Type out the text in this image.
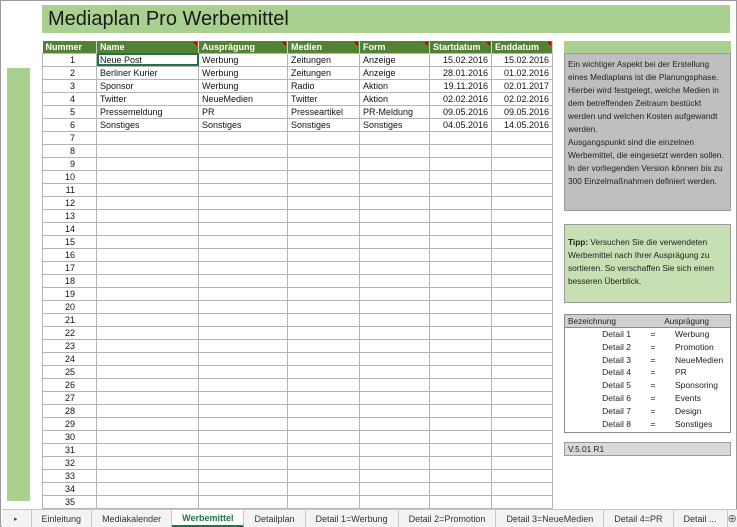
Mediaplan Pro Werbemittel
Nummer	Name	Ausprägung	Medien	Form	Startdatum	Enddatum
1	Neue Post	Werbung	Zeitungen	Anzeige	15.02.2016	15.02.2016
2	Berliner Kurier	Werbung	Zeitungen	Anzeige	28.01.2016	01.02.2016
3	Sponsor	Werbung	Radio	Aktion	19.11.2016	02.01.2017
4	Twitter	NeueMedien	Twitter	Aktion	02.02.2016	02.02.2016
5	Pressemeldung	PR	Presseartikel	PR-Meldung	09.05.2016	09.05.2016
6	Sonstiges	Sonstiges	Sonstiges	Sonstiges	04.05.2016	14.05.2016
7						
8						
9						
10						
11						
12						
13						
14						
15						
16						
17						
18						
19						
20						
21						
22						
23						
24						
25						
26						
27						
28						
29						
30						
31						
32						
33						
34						
35						
Ein wichtiger Aspekt bei der Erstellung eines Mediaplans ist die Planungsphase. Hierbei wird festgelegt, welche Medien in dem betreffenden Zeitraum bestückt werden und welchen Kosten aufgewandt werden.
Ausgangspunkt sind die einzelnen Werbemittel, die eingesetzt werden sollen. In der vorliegenden Version können bis zu 300 Einzelmaßnahmen definiert werden.
Tipp: Versuchen Sie die verwendeten Werbemittel nach Ihrer Ausprägung zu sortieren. So verschaffen Sie sich einen besseren Überblick.
Bezeichnung	Ausprägung
Detail 1	=	Werbung
Detail 2	=	Promotion
Detail 3	=	NeueMedien
Detail 4	=	PR
Detail 5	=	Sponsoring
Detail 6	=	Events
Detail 7	=	Design
Detail 8	=	Sonstiges
V.5.01 R1
▸	Einleitung	Mediakalender	Werbemittel	Detailplan	Detail 1=Werbung	Detail 2=Promotion	Detail 3=NeueMedien	Detail 4=PR	Detail ...	⊕
